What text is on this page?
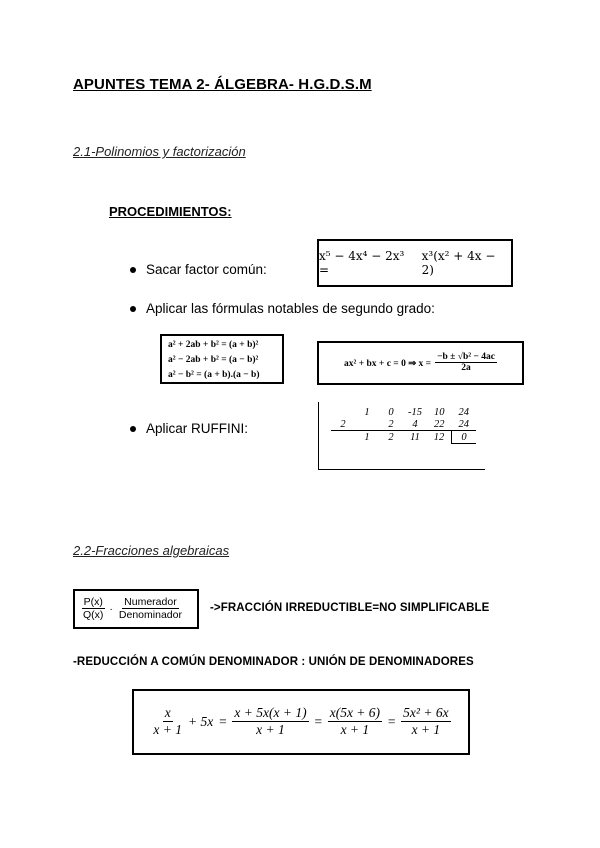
APUNTES TEMA 2- ÁLGEBRA- H.G.D.S.M
2.1-Polinomios y factorización
PROCEDIMIENTOS:
Sacar factor común:
x⁵ − 4x⁴ − 2x³ =
x³(x² + 4x − 2)
Aplicar las fórmulas notables de segundo grado:
a² + 2ab + b² = (a + b)²
a² − 2ab + b² = (a − b)²
a² − b² = (a + b).(a − b)
ax² + bx + c = 0 ⇒ $x = \frac{\text{−b ± √b² − 4ac}}{2a}$
Aplicar RUFFINI:
	1	0	-15	10	24
2		2	4	22	24
	1	2	11	12	0
2.2-Fracciones algebraicas
$\frac{P(x)}{Q(x)} \cdot \frac{\text{Numerador}}{\text{Denominador}}$ ->FRACCIÓN IRREDUCTIBLE=NO SIMPLIFICABLE
-REDUCCIÓN A COMÚN DENOMINADOR : UNIÓN DE DENOMINADORES
$\frac{x}{x + 1} + 5x = \frac{x + 5x(x + 1)}{x + 1} = \frac{x(5x + 6)}{x + 1} = \frac{\text{5x² + 6x}}{x + 1}$
